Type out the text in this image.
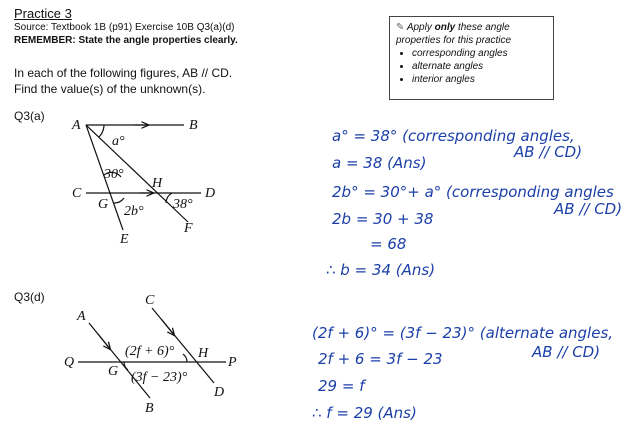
Practice 3
Source: Textbook 1B (p91) Exercise 10B Q3(a)(d)
REMEMBER: State the angle properties clearly.
✎ Apply only these angle properties for this practice
• corresponding angles
• alternate angles
• interior angles
In each of the following figures, AB // CD.
Find the value(s) of the unknown(s).
Q3(a)
Q3(d)
A	B
C	D
E
F
G
H
a°
30°
2b° 38°
A
B
C
D
G
H
P
Q
(2f + 6)°
(3f − 23)°
a° = 38° (corresponding angles,
AB // CD)
a = 38 (Ans)
2b° = 30°+ a° (corresponding angles
AB // CD)
2b = 30 + 38
= 68
∴ b = 34 (Ans)
(2f + 6)° = (3f − 23)° (alternate angles,
AB // CD)
2f + 6 = 3f − 23
29 = f
∴ f = 29 (Ans)
